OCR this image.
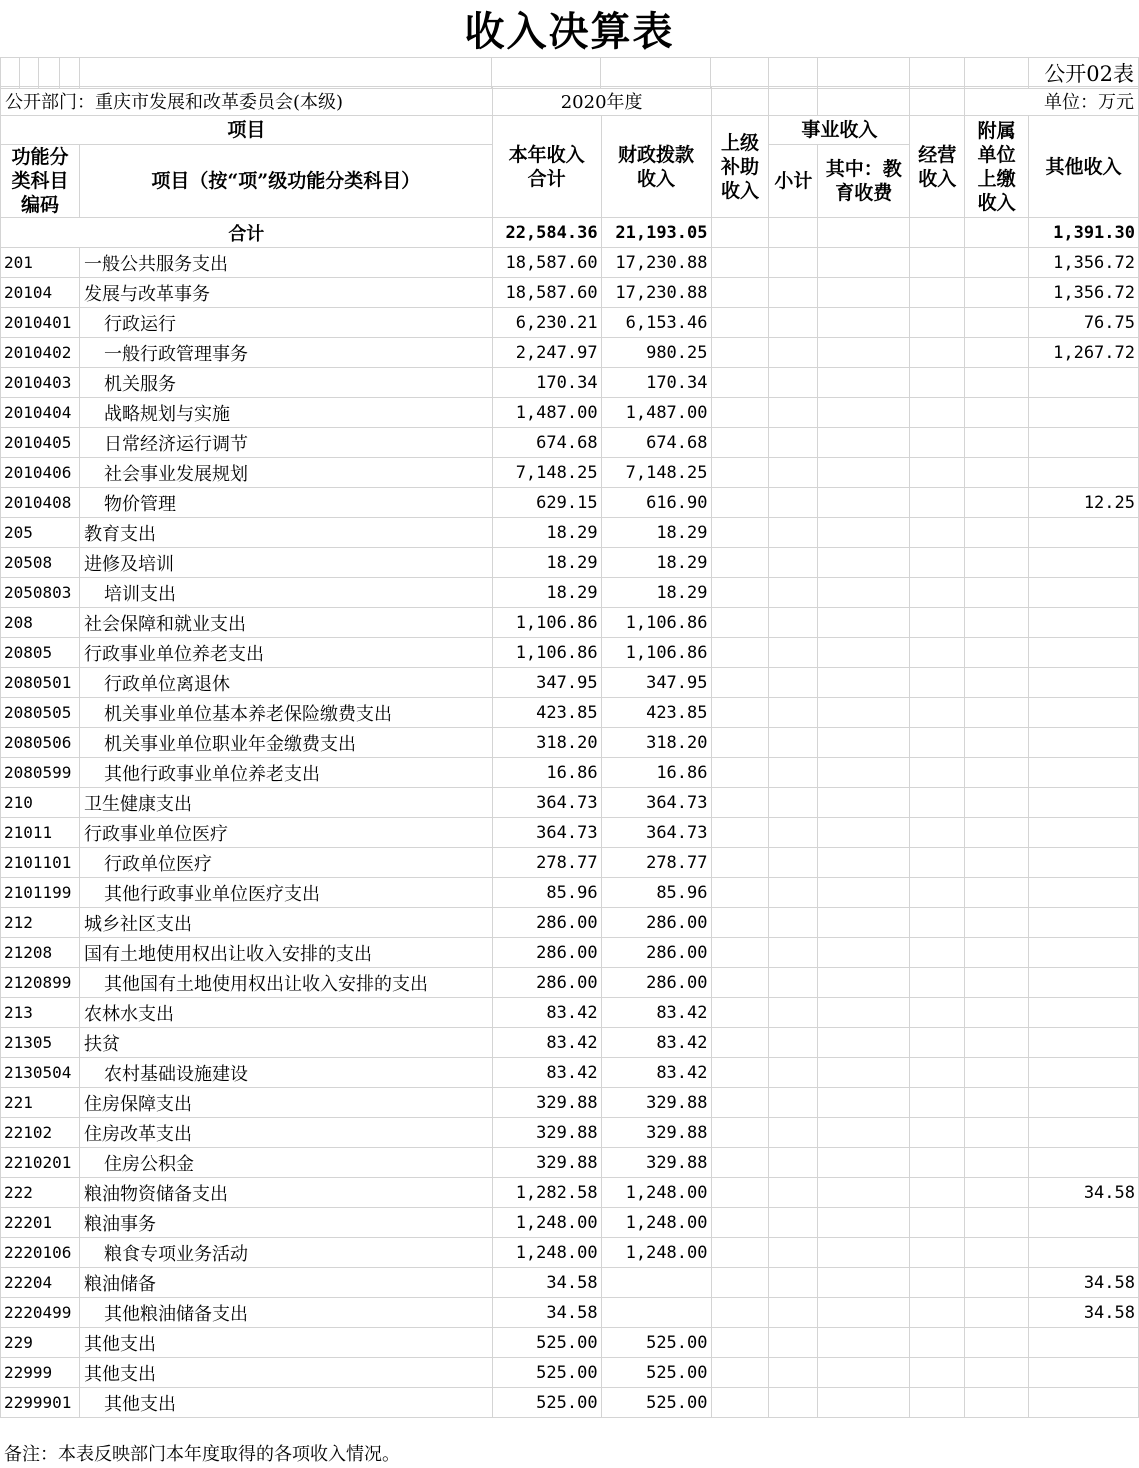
收入决算表
												公开02表
公开部门：重庆市发展和改革委员会(本级)	2020年度					单位：万元
项目		本年收入合计	财政拨款收入	上级补助收入	事业收入		经营收入	附属单位上缴收入	其他收入

功能分类科目编码	项目（按“项”级功能分类科目）								
					小计	其中：教育收费			

合计		22,584.36	21,193.05						1,391.30
201	一般公共服务支出	18,587.60	17,230.88						1,356.72
20104	发展与改革事务	18,587.60	17,230.88						1,356.72
2010401	行政运行	6,230.21	6,153.46						76.75
2010402	一般行政管理事务	2,247.97	980.25						1,267.72
2010403	机关服务	170.34	170.34						
2010404	战略规划与实施	1,487.00	1,487.00						
2010405	日常经济运行调节	674.68	674.68						
2010406	社会事业发展规划	7,148.25	7,148.25						
2010408	物价管理	629.15	616.90						12.25
205	教育支出	18.29	18.29						
20508	进修及培训	18.29	18.29						
2050803	培训支出	18.29	18.29						
208	社会保障和就业支出	1,106.86	1,106.86						
20805	行政事业单位养老支出	1,106.86	1,106.86						
2080501	行政单位离退休	347.95	347.95						
2080505	机关事业单位基本养老保险缴费支出	423.85	423.85						
2080506	机关事业单位职业年金缴费支出	318.20	318.20						
2080599	其他行政事业单位养老支出	16.86	16.86						
210	卫生健康支出	364.73	364.73						
21011	行政事业单位医疗	364.73	364.73						
2101101	行政单位医疗	278.77	278.77						
2101199	其他行政事业单位医疗支出	85.96	85.96						
212	城乡社区支出	286.00	286.00						
21208	国有土地使用权出让收入安排的支出	286.00	286.00						
2120899	其他国有土地使用权出让收入安排的支出	286.00	286.00						
213	农林水支出	83.42	83.42						
21305	扶贫	83.42	83.42						
2130504	农村基础设施建设	83.42	83.42						
221	住房保障支出	329.88	329.88						
22102	住房改革支出	329.88	329.88						
2210201	住房公积金	329.88	329.88						
222	粮油物资储备支出	1,282.58	1,248.00						34.58
22201	粮油事务	1,248.00	1,248.00						
2220106	粮食专项业务活动	1,248.00	1,248.00						
22204	粮油储备	34.58							34.58
2220499	其他粮油储备支出	34.58							34.58
229	其他支出	525.00	525.00						
22999	其他支出	525.00	525.00						
2299901	其他支出	525.00	525.00						
备注：本表反映部门本年度取得的各项收入情况。
